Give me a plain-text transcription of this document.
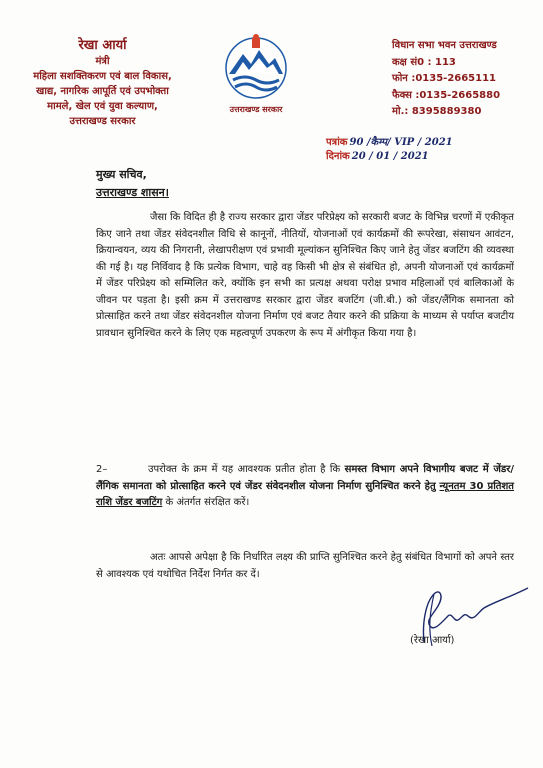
रेखा आर्या
मंत्री
महिला सशक्तिकरण एवं बाल विकास,
खाद्य, नागरिक आपूर्ति एवं उपभोक्ता
मामले, खेल एवं युवा कल्याण,
उत्तराखण्ड सरकार
उत्तराखण्ड सरकार
विधान सभा भवन उत्तराखण्ड
कक्ष सं0 : 113
फोन :0135-2665111
फैक्स :0135-2665880
मो.: 8395889380
पत्रांक 90 /कैम्प/ VIP / 2021
दिनांक 20 / 01 / 2021
मुख्य सचिव,
उत्तराखण्ड शासन।
जैसा कि विदित ही है राज्य सरकार द्वारा जेंडर परिप्रेक्ष्य को सरकारी बजट के विभिन्न चरणों में एकीकृत किए जाने तथा जेंडर संवेदनशील विधि से कानूनों, नीतियों, योजनाओं एवं कार्यक्रमों की रूपरेखा, संसाधन आवंटन, क्रियान्वयन, व्यय की निगरानी, लेखापरीक्षण एवं प्रभावी मूल्यांकन सुनिश्चित किए जाने हेतु जेंडर बजटिंग की व्यवस्था की गई है। यह निर्विवाद है कि प्रत्येक विभाग, चाहे वह किसी भी क्षेत्र से संबंधित हो, अपनी योजनाओं एवं कार्यक्रमों में जेंडर परिप्रेक्ष्य को सम्मिलित करे, क्योंकि इन सभी का प्रत्यक्ष अथवा परोक्ष प्रभाव महिलाओं एवं बालिकाओं के जीवन पर पड़ता है। इसी क्रम में उत्तराखण्ड सरकार द्वारा जेंडर बजटिंग (जी.बी.) को जेंडर/लैंगिक समानता को प्रोत्साहित करने तथा जेंडर संवेदनशील योजना निर्माण एवं बजट तैयार करने की प्रक्रिया के माध्यम से पर्याप्त बजटीय प्रावधान सुनिश्चित करने के लिए एक महत्वपूर्ण उपकरण के रूप में अंगीकृत किया गया है।
2–	उपरोक्त के क्रम में यह आवश्यक प्रतीत होता है कि समस्त विभाग अपने विभागीय बजट में जेंडर/लैंगिक समानता को प्रोत्साहित करने एवं जेंडर संवेदनशील योजना निर्माण सुनिश्चित करने हेतु न्यूनतम 30 प्रतिशत राशि जेंडर बजटिंग के अंतर्गत संरक्षित करें।
अतः आपसे अपेक्षा है कि निर्धारित लक्ष्य की प्राप्ति सुनिश्चित करने हेतु संबंधित विभागों को अपने स्तर से आवश्यक एवं यथोचित निर्देश निर्गत कर दें।
(रेखा आर्या)
